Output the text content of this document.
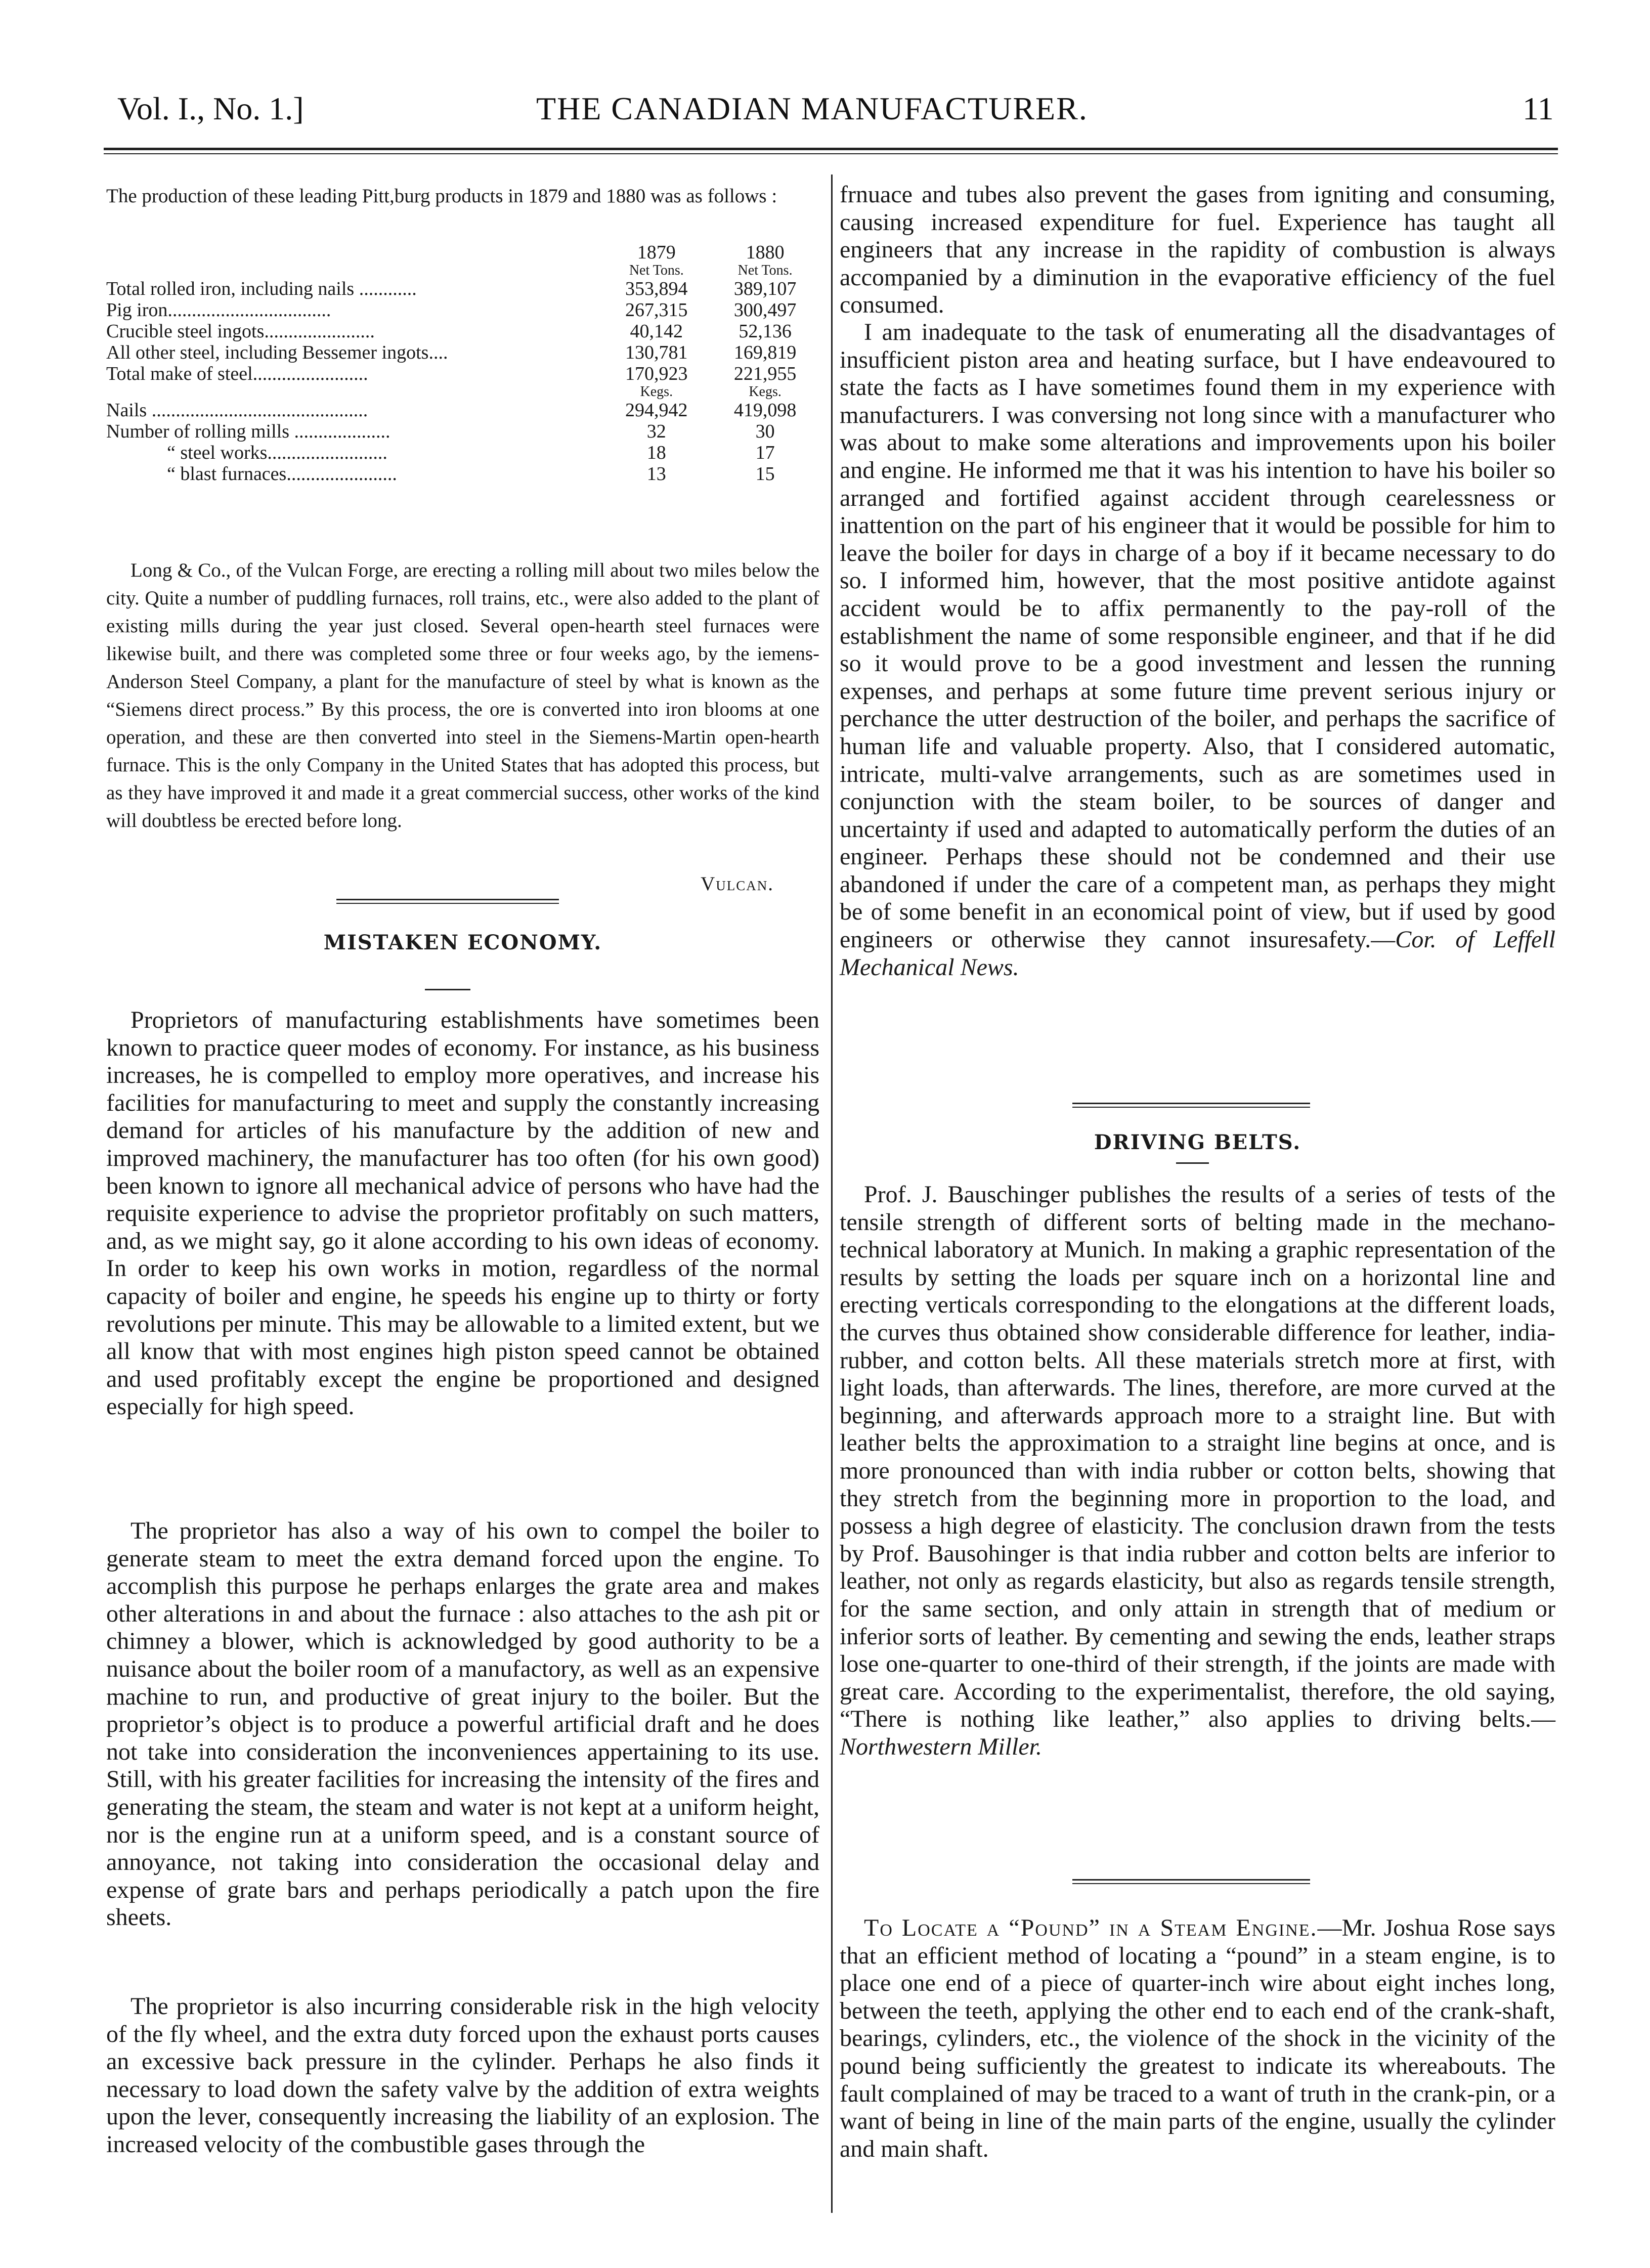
Vol. I., No. 1.]	THE CANADIAN MANUFACTURER.	11

The production of these leading Pitt,burg products in 1879 and 1880 was as follows :

	1879	1880
	Net Tons.	Net Tons.
Total rolled iron, including nails ............	353,894	389,107
Pig iron..................................	267,315	300,497
Crucible steel ingots.......................	40,142	52,136
All other steel, including Bessemer ingots....	130,781	169,819
Total make of steel........................	170,923	221,955
	Kegs.	Kegs.
Nails .............................................	294,942	419,098
Number of rolling mills ....................	32	30
“ steel works.........................	18	17
“ blast furnaces.......................	13	15

Long & Co., of the Vulcan Forge, are erecting a rolling mill about two miles below the city. Quite a number of puddling furnaces, roll trains, etc., were also added to the plant of existing mills during the year just closed. Several open-hearth steel furnaces were likewise built, and there was completed some three or four weeks ago, by the iemens-Anderson Steel Company, a plant for the manufacture of steel by what is known as the “Siemens direct process.” By this process, the ore is converted into iron blooms at one operation, and these are then converted into steel in the Siemens-Martin open-hearth furnace. This is the only Company in the United States that has adopted this process, but as they have improved it and made it a great commercial success, other works of the kind will doubtless be erected before long.

Vulcan.

MISTAKEN ECONOMY.

Proprietors of manufacturing establishments have sometimes been known to practice queer modes of economy. For instance, as his business increases, he is compelled to employ more operatives, and increase his facilities for manufacturing to meet and supply the constantly increasing demand for articles of his manufacture by the addition of new and improved machinery, the manufacturer has too often (for his own good) been known to ignore all mechanical advice of persons who have had the requisite experience to advise the proprietor profitably on such matters, and, as we might say, go it alone according to his own ideas of economy. In order to keep his own works in motion, regardless of the normal capacity of boiler and engine, he speeds his engine up to thirty or forty revolutions per minute. This may be allowable to a limited extent, but we all know that with most engines high piston speed cannot be obtained and used profitably except the engine be proportioned and designed especially for high speed.

The proprietor has also a way of his own to compel the boiler to generate steam to meet the extra demand forced upon the engine. To accomplish this purpose he perhaps enlarges the grate area and makes other alterations in and about the furnace : also attaches to the ash pit or chimney a blower, which is acknowledged by good authority to be a nuisance about the boiler room of a manufactory, as well as an expensive machine to run, and productive of great injury to the boiler. But the proprietor’s object is to produce a powerful artificial draft and he does not take into consideration the inconveniences appertaining to its use. Still, with his greater facilities for increasing the intensity of the fires and generating the steam, the steam and water is not kept at a uniform height, nor is the engine run at a uniform speed, and is a constant source of annoyance, not taking into consideration the occasional delay and expense of grate bars and perhaps periodically a patch upon the fire sheets.

The proprietor is also incurring considerable risk in the high velocity of the fly wheel, and the extra duty forced upon the exhaust ports causes an excessive back pressure in the cylinder. Perhaps he also finds it necessary to load down the safety valve by the addition of extra weights upon the lever, consequently increasing the liability of an explosion. The increased velocity of the combustible gases through the

frnuace and tubes also prevent the gases from igniting and consuming, causing increased expenditure for fuel. Experience has taught all engineers that any increase in the rapidity of combustion is always accompanied by a diminution in the evaporative efficiency of the fuel consumed.

I am inadequate to the task of enumerating all the disadvantages of insufficient piston area and heating surface, but I have endeavoured to state the facts as I have sometimes found them in my experience with manufacturers. I was conversing not long since with a manufacturer who was about to make some alterations and improvements upon his boiler and engine. He informed me that it was his intention to have his boiler so arranged and fortified against accident through cearelessness or inattention on the part of his engineer that it would be possible for him to leave the boiler for days in charge of a boy if it became necessary to do so. I informed him, however, that the most positive antidote against accident would be to affix permanently to the pay-roll of the establishment the name of some responsible engineer, and that if he did so it would prove to be a good investment and lessen the running expenses, and perhaps at some future time prevent serious injury or perchance the utter destruction of the boiler, and perhaps the sacrifice of human life and valuable property. Also, that I considered automatic, intricate, multi-valve arrangements, such as are sometimes used in conjunction with the steam boiler, to be sources of danger and uncertainty if used and adapted to automatically perform the duties of an engineer. Perhaps these should not be condemned and their use abandoned if under the care of a competent man, as perhaps they might be of some benefit in an economical point of view, but if used by good engineers or otherwise they cannot insuresafety.—Cor. of Leffell Mechanical News.

DRIVING BELTS.

Prof. J. Bauschinger publishes the results of a series of tests of the tensile strength of different sorts of belting made in the mechano-technical laboratory at Munich. In making a graphic representation of the results by setting the loads per square inch on a horizontal line and erecting verticals corresponding to the elongations at the different loads, the curves thus obtained show considerable difference for leather, india-rubber, and cotton belts. All these materials stretch more at first, with light loads, than afterwards. The lines, therefore, are more curved at the beginning, and afterwards approach more to a straight line. But with leather belts the approximation to a straight line begins at once, and is more pronounced than with india rubber or cotton belts, showing that they stretch from the beginning more in proportion to the load, and possess a high degree of elasticity. The conclusion drawn from the tests by Prof. Bausohinger is that india rubber and cotton belts are inferior to leather, not only as regards elasticity, but also as regards tensile strength, for the same section, and only attain in strength that of medium or inferior sorts of leather. By cementing and sewing the ends, leather straps lose one-quarter to one-third of their strength, if the joints are made with great care. According to the experimentalist, therefore, the old saying, “There is nothing like leather,” also applies to driving belts.—Northwestern Miller.

To Locate a “Pound” in a Steam Engine.—Mr. Joshua Rose says that an efficient method of locating a “pound” in a steam engine, is to place one end of a piece of quarter-inch wire about eight inches long, between the teeth, applying the other end to each end of the crank-shaft, bearings, cylinders, etc., the violence of the shock in the vicinity of the pound being sufficiently the greatest to indicate its whereabouts. The fault complained of may be traced to a want of truth in the crank-pin, or a want of being in line of the main parts of the engine, usually the cylinder and main shaft.
